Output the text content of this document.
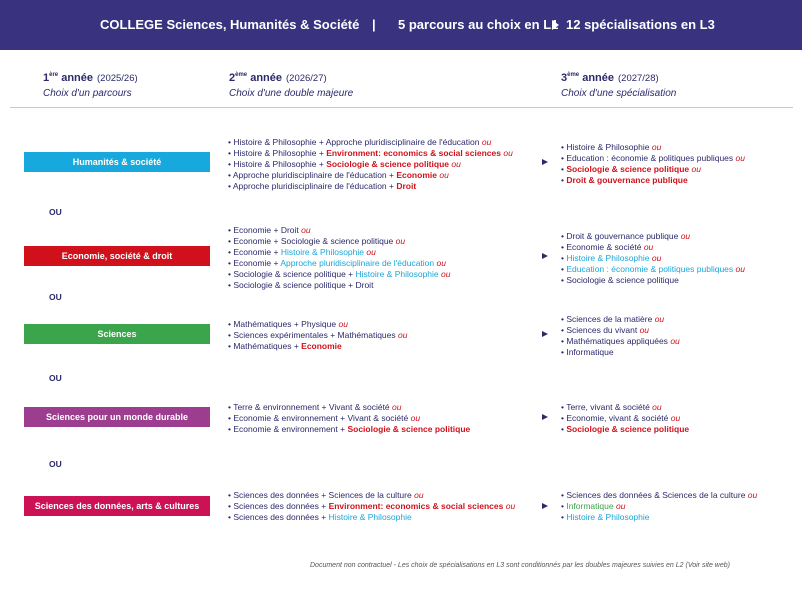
COLLEGE Sciences, Humanités & Société | 5 parcours au choix en L1 12 spécialisations en L3
1ère année (2025/26)
Choix d'un parcours
2ème année (2026/27)
Choix d'une double majeure
3ème année (2027/28)
Choix d'une spécialisation
Humanités & société
Economie, société & droit
Sciences
Sciences pour un monde durable
Sciences des données, arts & cultures
OU
OU
OU
OU
• Histoire & Philosophie + Approche pluridisciplinaire de l'éducation ou
• Histoire & Philosophie + Environment: economics & social sciences ou
• Histoire & Philosophie + Sociologie & science politique ou
• Approche pluridisciplinaire de l'éducation + Economie ou
• Approche pluridisciplinaire de l'éducation + Droit
• Economie + Droit ou
• Economie + Sociologie & science politique ou
• Economie + Histoire & Philosophie ou
• Economie + Approche pluridisciplinaire de l'éducation ou
• Sociologie & science politique + Histoire & Philosophie ou
• Sociologie & science politique + Droit
• Mathématiques + Physique ou
• Sciences expérimentales + Mathématiques ou
• Mathématiques + Economie
• Terre & environnement + Vivant & société ou
• Economie & environnement + Vivant & société ou
• Economie & environnement + Sociologie & science politique
• Sciences des données + Sciences de la culture ou
• Sciences des données + Environment: economics & social sciences ou
• Sciences des données + Histoire & Philosophie
• Histoire & Philosophie ou
• Education : économie & politiques publiques ou
• Sociologie & science politique ou
• Droit & gouvernance publique
• Droit & gouvernance publique ou
• Economie & société ou
• Histoire & Philosophie ou
• Education : économie & politiques publiques ou
• Sociologie & science politique
• Sciences de la matière ou
• Sciences du vivant ou
• Mathématiques appliquées ou
• Informatique
• Terre, vivant & société ou
• Economie, vivant & société ou
• Sociologie & science politique
• Sciences des données & Sciences de la culture ou
• Informatique ou
• Histoire & Philosophie
Document non contractuel - Les choix de spécialisations en L3 sont conditionnés par les doubles majeures suivies en L2 (Voir site web)
